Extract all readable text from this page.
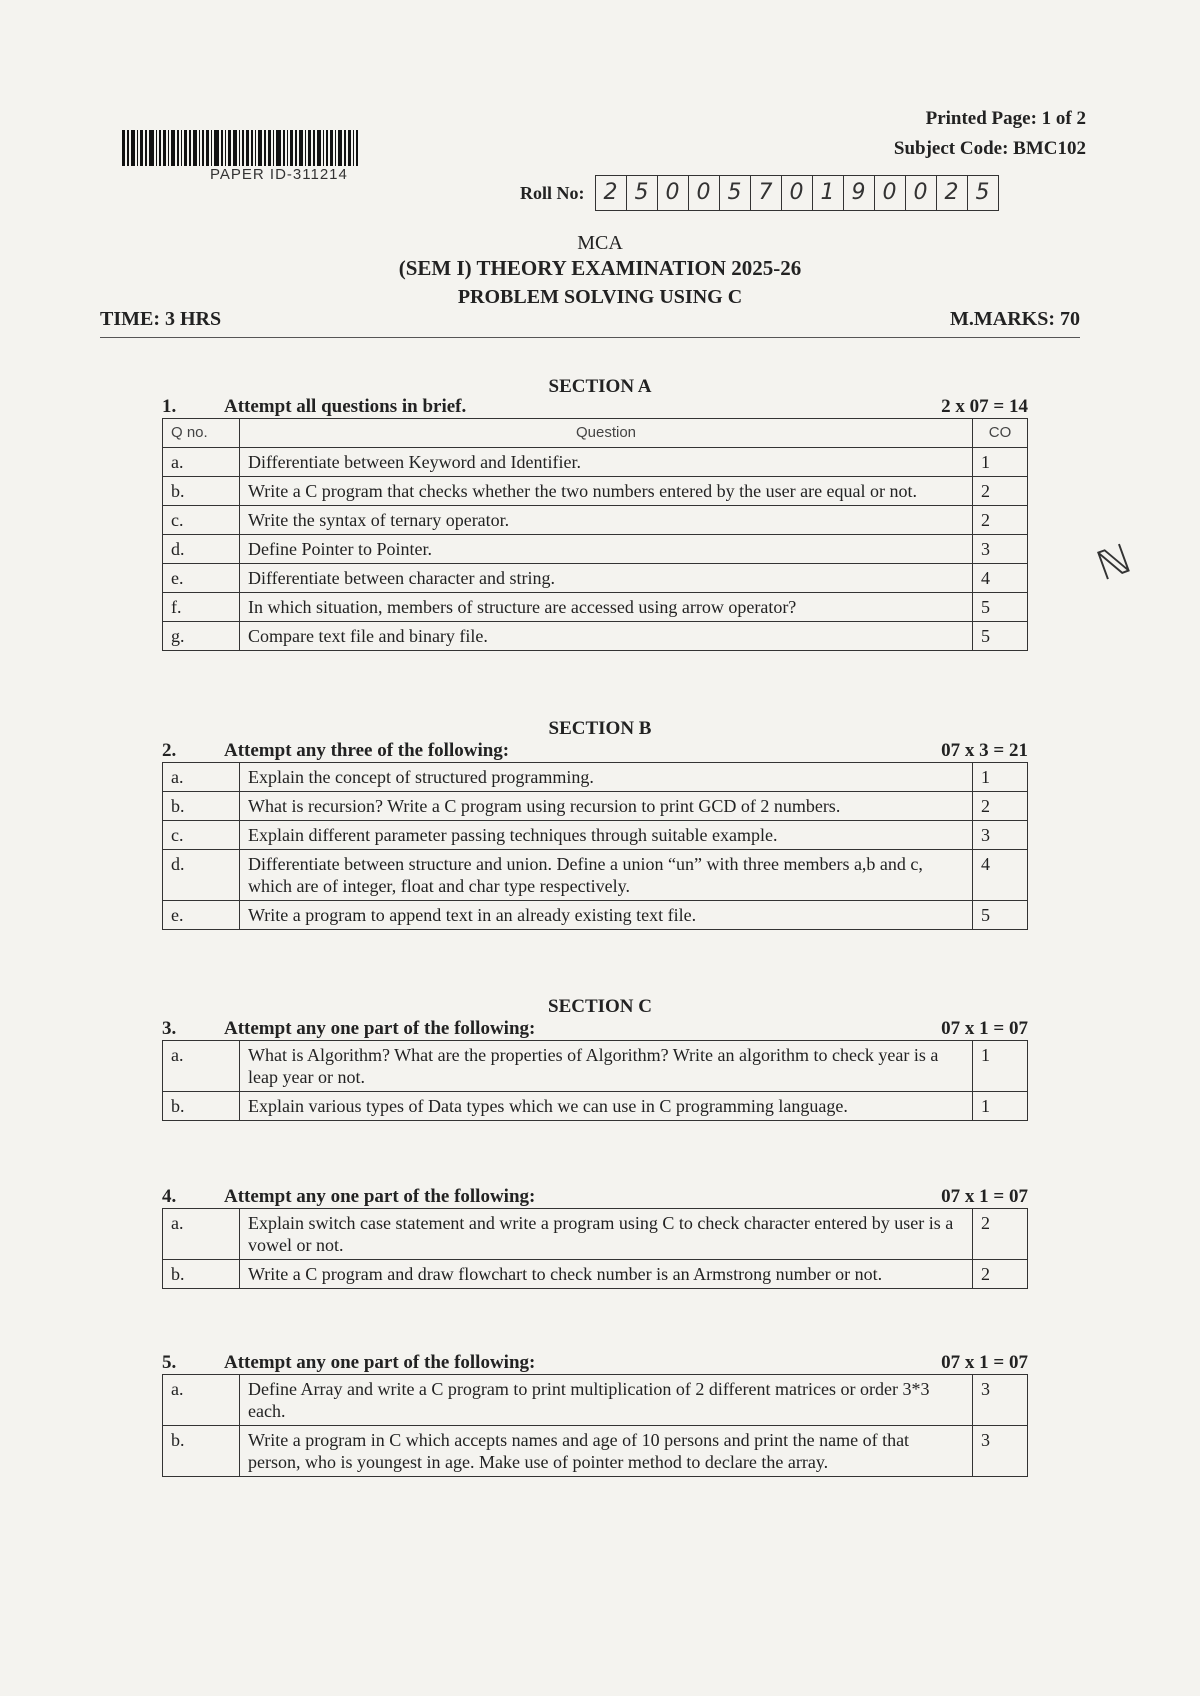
PAPER ID-311214
Printed Page: 1 of 2
Subject Code: BMC102
Roll No: 2 5 0 0 5 7 0 1 9 0 0 2 5
MCA
(SEM I) THEORY EXAMINATION 2025-26
PROBLEM SOLVING USING C
TIME: 3 HRS	M.MARKS: 70
ℕ
SECTION A
1.	Attempt all questions in brief.	2 x 07 = 14
Q no.	Question	CO
a.	Differentiate between Keyword and Identifier.	1
b.	Write a C program that checks whether the two numbers entered by the user are equal or not.	2
c.	Write the syntax of ternary operator.	2
d.	Define Pointer to Pointer.	3
e.	Differentiate between character and string.	4
f.	In which situation, members of structure are accessed using arrow operator?	5
g.	Compare text file and binary file.	5
SECTION B
2.	Attempt any three of the following:	07 x 3 = 21
a.	Explain the concept of structured programming.	1
b.	What is recursion? Write a C program using recursion to print GCD of 2 numbers.	2
c.	Explain different parameter passing techniques through suitable example.	3
d.	Differentiate between structure and union. Define a union “un” with three members a,b and c, which are of integer, float and char type respectively.	4
e.	Write a program to append text in an already existing text file.	5
SECTION C
3.	Attempt any one part of the following:	07 x 1 = 07
a.	What is Algorithm? What are the properties of Algorithm? Write an algorithm to check year is a leap year or not.	1
b.	Explain various types of Data types which we can use in C programming language.	1
4.	Attempt any one part of the following:	07 x 1 = 07
a.	Explain switch case statement and write a program using C to check character entered by user is a vowel or not.	2
b.	Write a C program and draw flowchart to check number is an Armstrong number or not.	2
5.	Attempt any one part of the following:	07 x 1 = 07
a.	Define Array and write a C program to print multiplication of 2 different matrices or order 3*3 each.	3
b.	Write a program in C which accepts names and age of 10 persons and print the name of that person, who is youngest in age. Make use of pointer method to declare the array.	3
